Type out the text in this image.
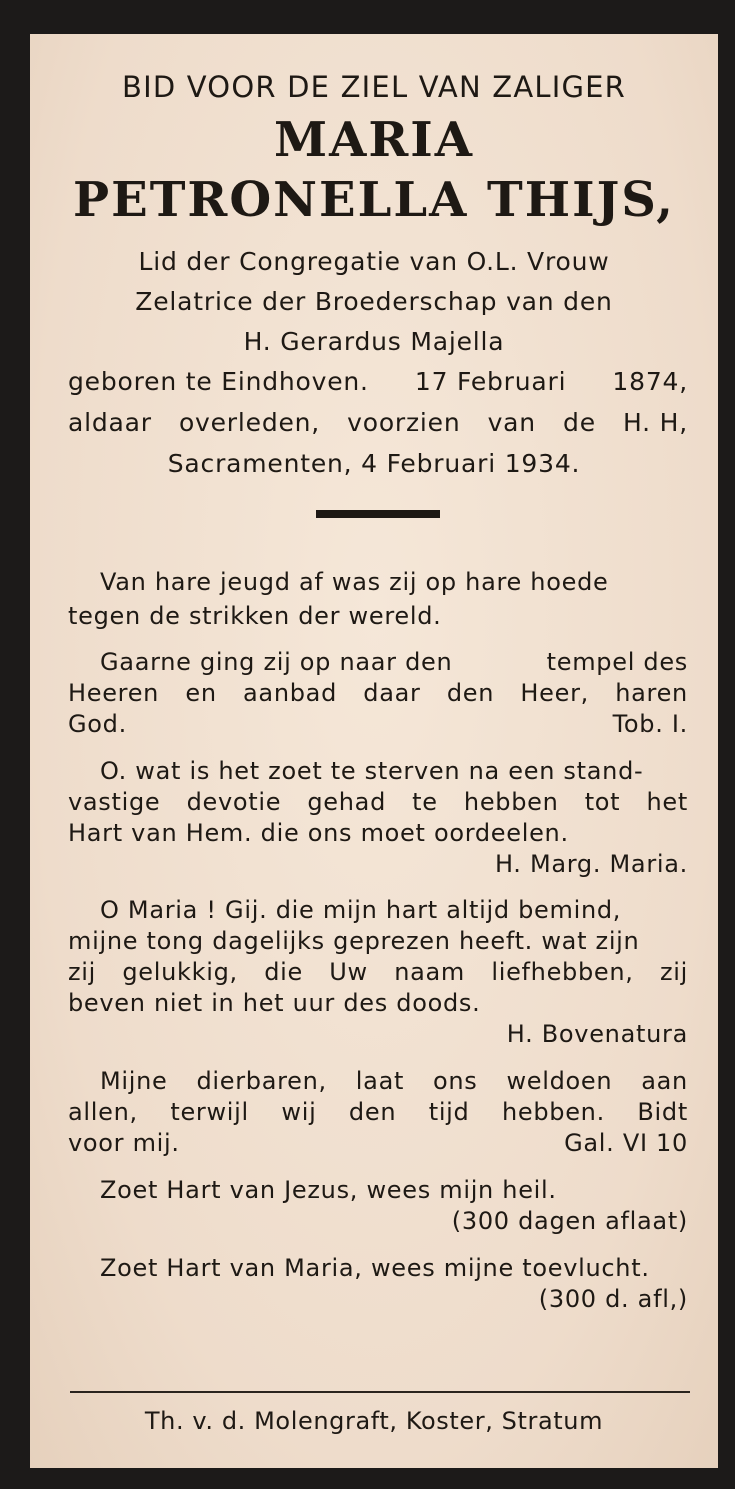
BID VOOR DE ZIEL VAN ZALIGER
MARIA
PETRONELLA THIJS,
Lid der Congregatie van O.L. Vrouw
Zelatrice der Broederschap van den
H. Gerardus Majella
geboren te Eindhoven. 17 Februari 1874,
aldaar overleden, voorzien van de H. H,
Sacramenten, 4 Februari 1934.
Van hare jeugd af was zij op hare hoede
tegen de strikken der wereld.
Gaarne ging zij op naar den	tempel des
Heeren en aanbad daar den Heer, haren
God.	Tob. I.
O. wat is het zoet te sterven na een stand-
vastige devotie gehad te hebben tot het
Hart van Hem. die ons moet oordeelen.
H. Marg. Maria.
O Maria ! Gij. die mijn hart altijd bemind,
mijne tong dagelijks geprezen heeft. wat zijn
zij gelukkig, die Uw naam liefhebben, zij
beven niet in het uur des doods.
H. Bovenatura
Mijne dierbaren, laat ons weldoen aan
allen, terwijl wij den tijd hebben. Bidt
voor mij.	Gal. VI 10
Zoet Hart van Jezus, wees mijn heil.
(300 dagen aflaat)
Zoet Hart van Maria, wees mijne toevlucht.
(300 d. afl,)
Th. v. d. Molengraft, Koster, Stratum
